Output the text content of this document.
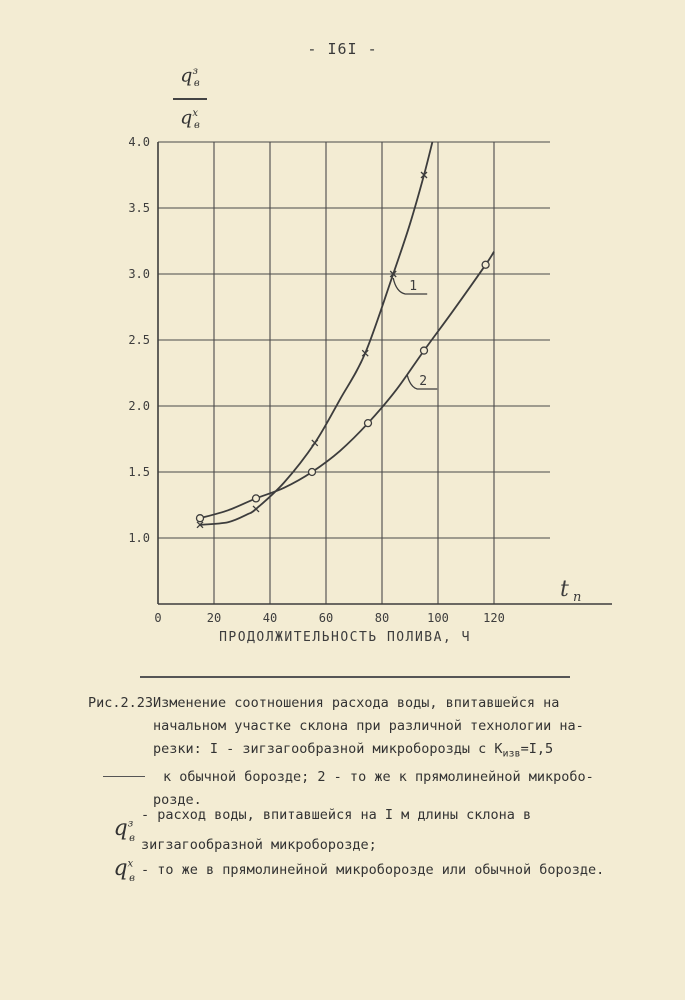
- I6I -
$q^з_в$
$q^х_в$
0	20	40	60	80	100	120
1.0
1.5
2.0
2.5
3.0
3.5
4.0
ПРОДОЛЖИТЕЛЬНОСТЬ ПОЛИВА, Ч
t п
1
2
Рис.2.23Изменение соотношения расхода воды, впитавшейся на
начальном участке склона при различной технологии на-
резки: I - зигзагообразной микроборозды с $K_{изв}=I,5$
к обычной борозде; 2 - то же к прямолинейной микробо-
розде.
$q^з_в$
- расход воды, впитавшейся на I м длины склона в
зигзагообразной микроборозде;
$q^х_в$
- то же в прямолинейной микроборозде или обычной борозде.
